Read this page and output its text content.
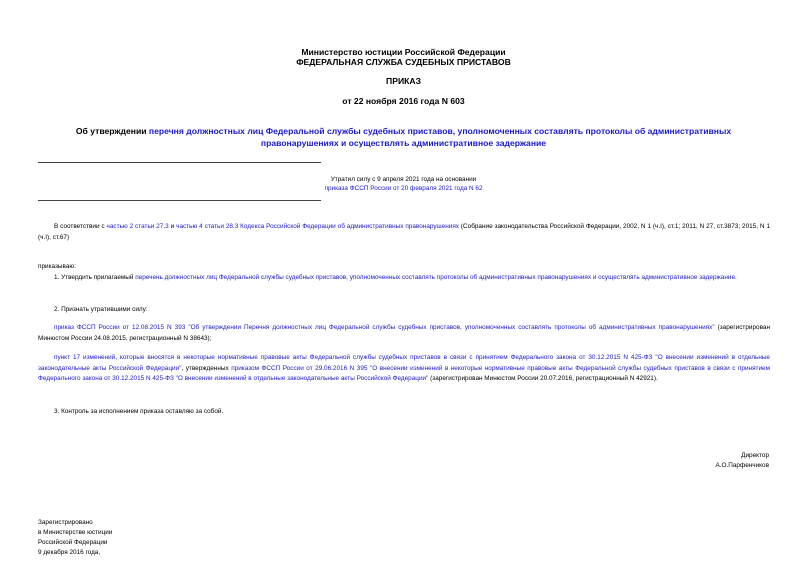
Министерство юстиции Российской Федерации
ФЕДЕРАЛЬНАЯ СЛУЖБА СУДЕБНЫХ ПРИСТАВОВ
ПРИКАЗ
от 22 ноября 2016 года N 603
Об утверждении перечня должностных лиц Федеральной службы судебных приставов, уполномоченных составлять протоколы об административных правонарушениях и осуществлять административное задержание
Утратил силу с 9 апреля 2021 года на основании
приказа ФССП России от 20 февраля 2021 года N 62
В соответствии с частью 2 статьи 27.3 и частью 4 статьи 28.3 Кодекса Российской Федерации об административных правонарушениях (Собрание законодательства Российской Федерации, 2002, N 1 (ч.I), ст.1; 2011, N 27, ст.3873; 2015, N 1 (ч.I), ст.67)
приказываю:
1. Утвердить прилагаемый перечень должностных лиц Федеральной службы судебных приставов, уполномоченных составлять протоколы об административных правонарушениях и осуществлять административное задержание.
2. Признать утратившими силу:
приказ ФССП России от 12.08.2015 N 393 "Об утверждении Перечня должностных лиц Федеральной службы судебных приставов, уполномоченных составлять протоколы об административных правонарушениях" (зарегистрирован Минюстом России 24.08.2015, регистрационный N 38643);
пункт 17 изменений, которые вносятся в некоторые нормативные правовые акты Федеральной службы судебных приставов в связи с принятием Федерального закона от 30.12.2015 N 425-ФЗ "О внесении изменений в отдельные законодательные акты Российской Федерации", утвержденных приказом ФССП России от 29.06.2016 N 395 "О внесении изменений в некоторые нормативные правовые акты Федеральной службы судебных приставов в связи с принятием Федерального закона от 30.12.2015 N 425-ФЗ "О внесении изменений в отдельные законодательные акты Российской Федерации" (зарегистрирован Минюстом России 20.07.2016, регистрационный N 42921).
3. Контроль за исполнением приказа оставляю за собой.
Директор
А.О.Парфенчиков
Зарегистрировано
в Министерстве юстиции
Российской Федерации
9 декабря 2016 года,
